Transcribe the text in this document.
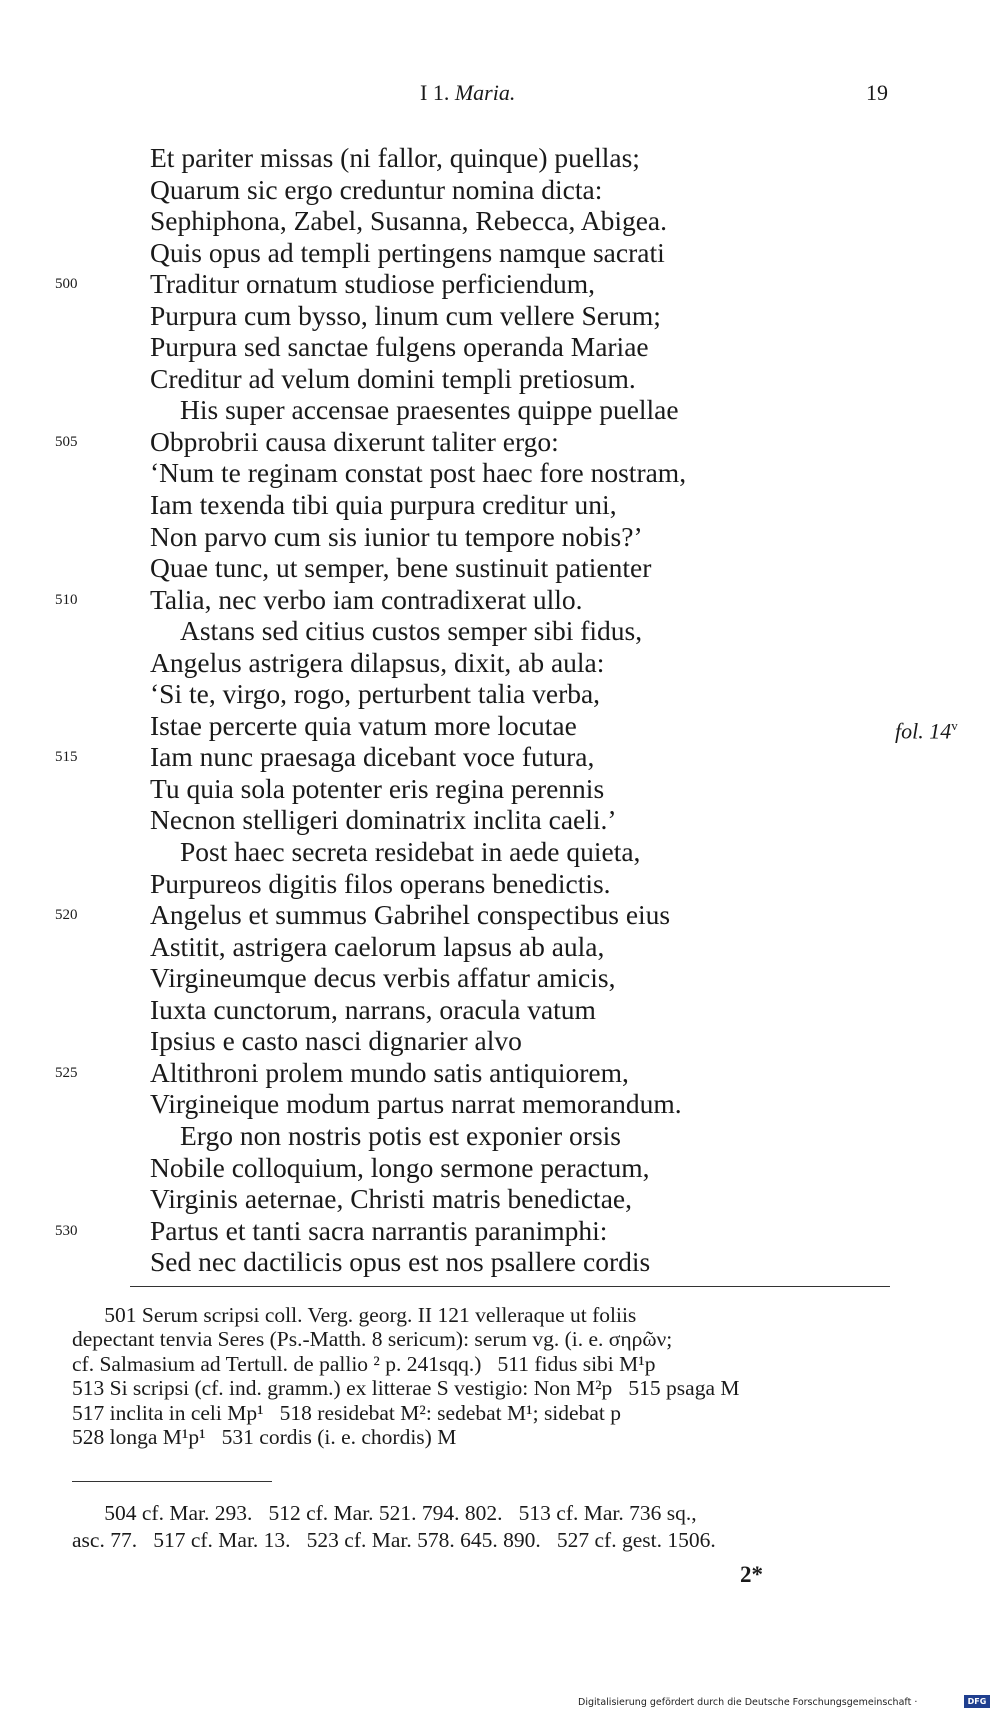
I 1. Maria.	19
Et pariter missas (ni fallor, quinque) puellas;
Quarum sic ergo creduntur nomina dicta:
Sephiphona, Zabel, Susanna, Rebecca, Abigea.
Quis opus ad templi pertingens namque sacrati
500	Traditur ornatum studiose perficiendum,
Purpura cum bysso, linum cum vellere Serum;
Purpura sed sanctae fulgens operanda Mariae
Creditur ad velum domini templi pretiosum.
His super accensae praesentes quippe puellae
505	Obprobrii causa dixerunt taliter ergo:
‘Num te reginam constat post haec fore nostram,
Iam texenda tibi quia purpura creditur uni,
Non parvo cum sis iunior tu tempore nobis?’
Quae tunc, ut semper, bene sustinuit patienter
510	Talia, nec verbo iam contradixerat ullo.
Astans sed citius custos semper sibi fidus,
Angelus astrigera dilapsus, dixit, ab aula:
‘Si te, virgo, rogo, perturbent talia verba,
Istae percerte quia vatum more locutae	fol. 14$^v$
515	Iam nunc praesaga dicebant voce futura,
Tu quia sola potenter eris regina perennis
Necnon stelligeri dominatrix inclita caeli.’
Post haec secreta residebat in aede quieta,
Purpureos digitis filos operans benedictis.
520	Angelus et summus Gabrihel conspectibus eius
Astitit, astrigera caelorum lapsus ab aula,
Virgineumque decus verbis affatur amicis,
Iuxta cunctorum, narrans, oracula vatum
Ipsius e casto nasci dignarier alvo
525	Altithroni prolem mundo satis antiquiorem,
Virgineique modum partus narrat memorandum.
Ergo non nostris potis est exponier orsis
Nobile colloquium, longo sermone peractum,
Virginis aeternae, Christi matris benedictae,
530	Partus et tanti sacra narrantis paranimphi:
Sed nec dactilicis opus est nos psallere cordis
501 Serum scripsi coll. Verg. georg. II 121 velleraque ut foliis
depectant tenvia Seres (Ps.-Matth. 8 sericum): serum vg. (i. e. σηρῶν;
cf. Salmasium ad Tertull. de pallio ² p. 241sqq.)   511 fidus sibi M¹p
513 Si scripsi (cf. ind. gramm.) ex litterae S vestigio: Non M²p   515 psaga M
517 inclita in celi Mp¹   518 residebat M²: sedebat M¹; sidebat p
528 longa M¹p¹   531 cordis (i. e. chordis) M
504 cf. Mar. 293.   512 cf. Mar. 521. 794. 802.   513 cf. Mar. 736 sq.,
asc. 77.   517 cf. Mar. 13.   523 cf. Mar. 578. 645. 890.   527 cf. gest. 1506.
2*
Digitalisierung gefördert durch die Deutsche Forschungsgemeinschaft ·	DFG
